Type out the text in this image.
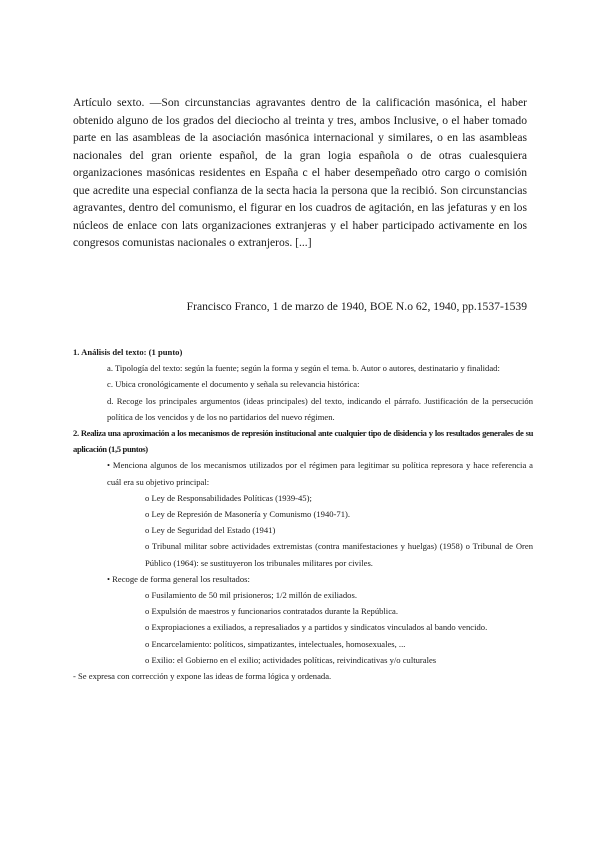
Artículo sexto. —Son circunstancias agravantes dentro de la calificación masónica, el haber obtenido alguno de los grados del dieciocho al treinta y tres, ambos Inclusive, o el haber tomado parte en las asambleas de la asociación masónica internacional y similares, o en las asambleas nacionales del gran oriente español, de la gran logia española o de otras cualesquiera organizaciones masónicas residentes en España c el haber desempeñado otro cargo o comisión que acredite una especial confianza de la secta hacia la persona que la recibió. Son circunstancias agravantes, dentro del comunismo, el figurar en los cuadros de agitación, en las jefaturas y en los núcleos de enlace con lats organizaciones extranjeras y el haber participado activamente en los congresos comunistas nacionales o extranjeros. [...]
Francisco Franco, 1 de marzo de 1940, BOE N.o 62, 1940, pp.1537-1539

1. Análisis del texto: (1 punto)

a. Tipología del texto: según la fuente; según la forma y según el tema. b. Autor o autores, destinatario y finalidad:

c. Ubica cronológicamente el documento y señala su relevancia histórica:

d. Recoge los principales argumentos (ideas principales) del texto, indicando el párrafo. Justificación de la persecución política de los vencidos y de los no partidarios del nuevo régimen.

2. Realiza una aproximación a los mecanismos de represión institucional ante cualquier tipo de disidencia y los resultados generales de su aplicación (1,5 puntos)

• Menciona algunos de los mecanismos utilizados por el régimen para legitimar su política represora y hace referencia a cuál era su objetivo principal:

o Ley de Responsabilidades Políticas (1939-45);

o Ley de Represión de Masonería y Comunismo (1940-71).

o Ley de Seguridad del Estado (1941)

o Tribunal militar sobre actividades extremistas (contra manifestaciones y huelgas) (1958) o Tribunal de Oren Público (1964): se sustituyeron los tribunales militares por civiles.

• Recoge de forma general los resultados:

o Fusilamiento de 50 mil prisioneros; 1/2 millón de exiliados.

o Expulsión de maestros y funcionarios contratados durante la República.

o Expropiaciones a exiliados, a represaliados y a partidos y sindicatos vinculados al bando vencido.

o Encarcelamiento: políticos, simpatizantes, intelectuales, homosexuales, ...

o Exilio: el Gobierno en el exilio; actividades políticas, reivindicativas y/o culturales

- Se expresa con corrección y expone las ideas de forma lógica y ordenada.
